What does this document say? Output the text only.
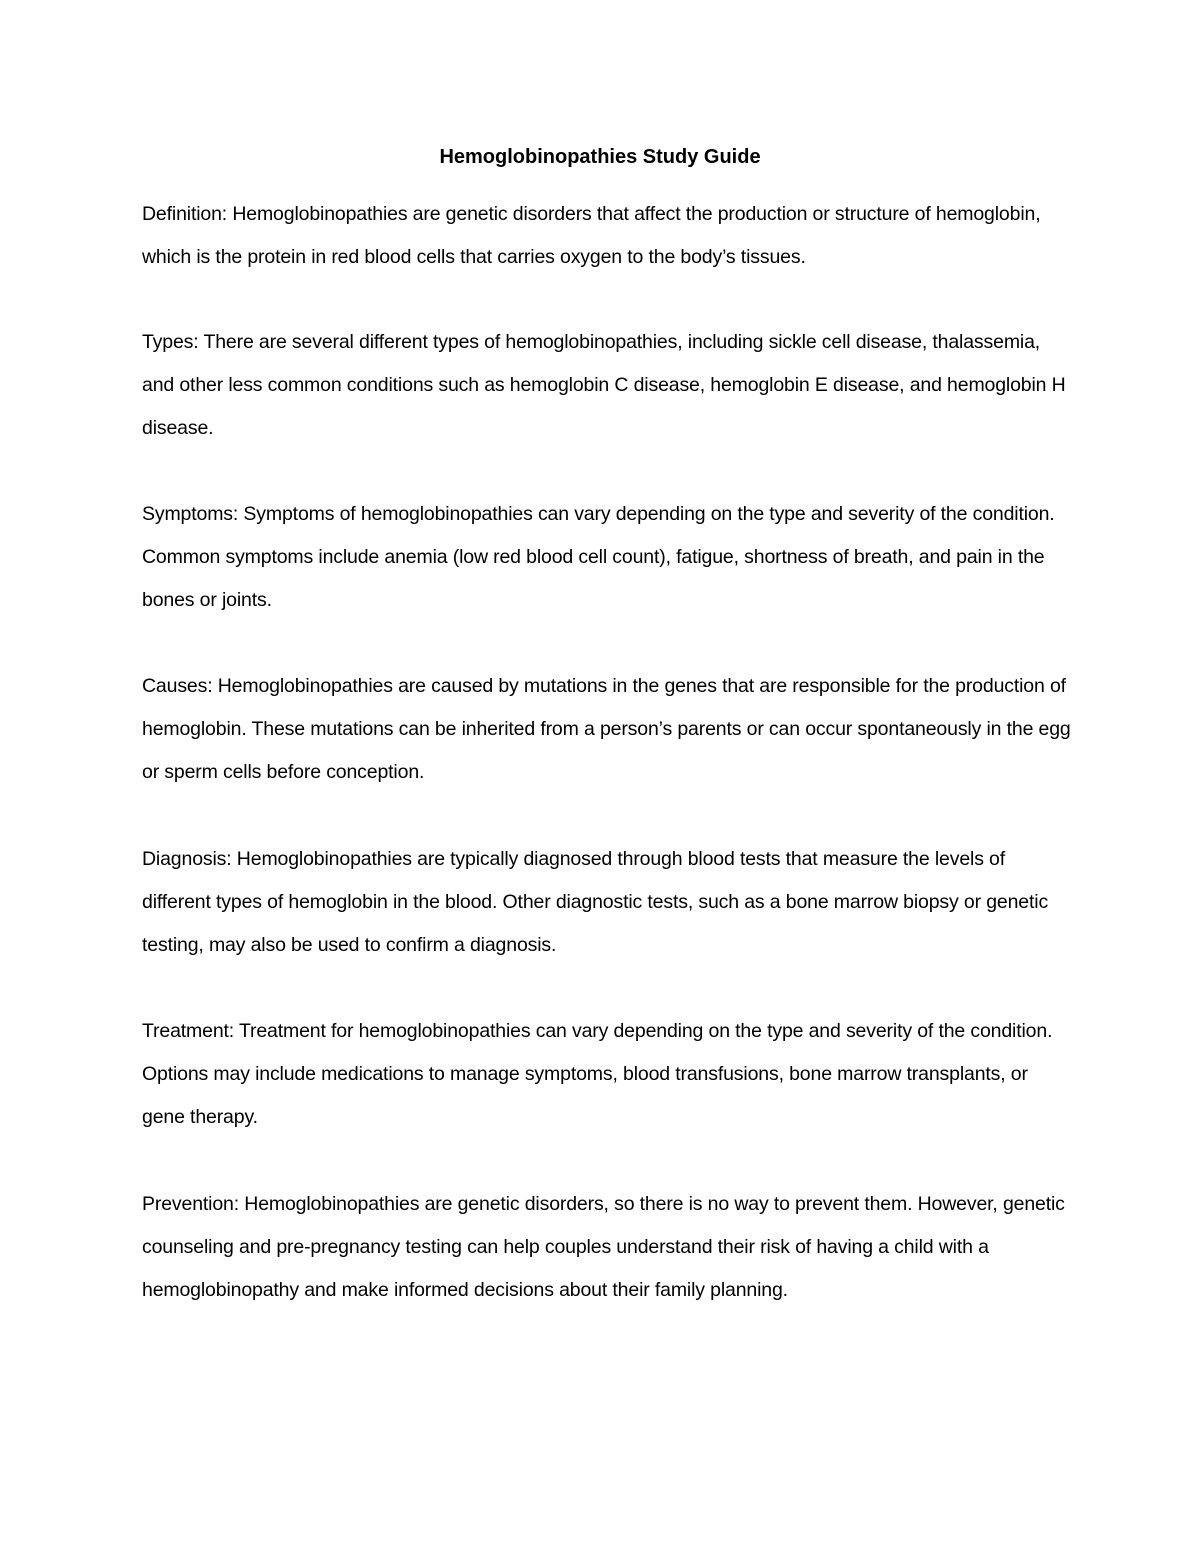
Hemoglobinopathies Study Guide

Definition: Hemoglobinopathies are genetic disorders that affect the production or structure of hemoglobin, which is the protein in red blood cells that carries oxygen to the body’s tissues.

Types: There are several different types of hemoglobinopathies, including sickle cell disease, thalassemia, and other less common conditions such as hemoglobin C disease, hemoglobin E disease, and hemoglobin H disease.

Symptoms: Symptoms of hemoglobinopathies can vary depending on the type and severity of the condition. Common symptoms include anemia (low red blood cell count), fatigue, shortness of breath, and pain in the bones or joints.

Causes: Hemoglobinopathies are caused by mutations in the genes that are responsible for the production of hemoglobin. These mutations can be inherited from a person’s parents or can occur spontaneously in the egg or sperm cells before conception.

Diagnosis: Hemoglobinopathies are typically diagnosed through blood tests that measure the levels of different types of hemoglobin in the blood. Other diagnostic tests, such as a bone marrow biopsy or genetic testing, may also be used to confirm a diagnosis.

Treatment: Treatment for hemoglobinopathies can vary depending on the type and severity of the condition. Options may include medications to manage symptoms, blood transfusions, bone marrow transplants, or gene therapy.

Prevention: Hemoglobinopathies are genetic disorders, so there is no way to prevent them. However, genetic counseling and pre-pregnancy testing can help couples understand their risk of having a child with a hemoglobinopathy and make informed decisions about their family planning.
